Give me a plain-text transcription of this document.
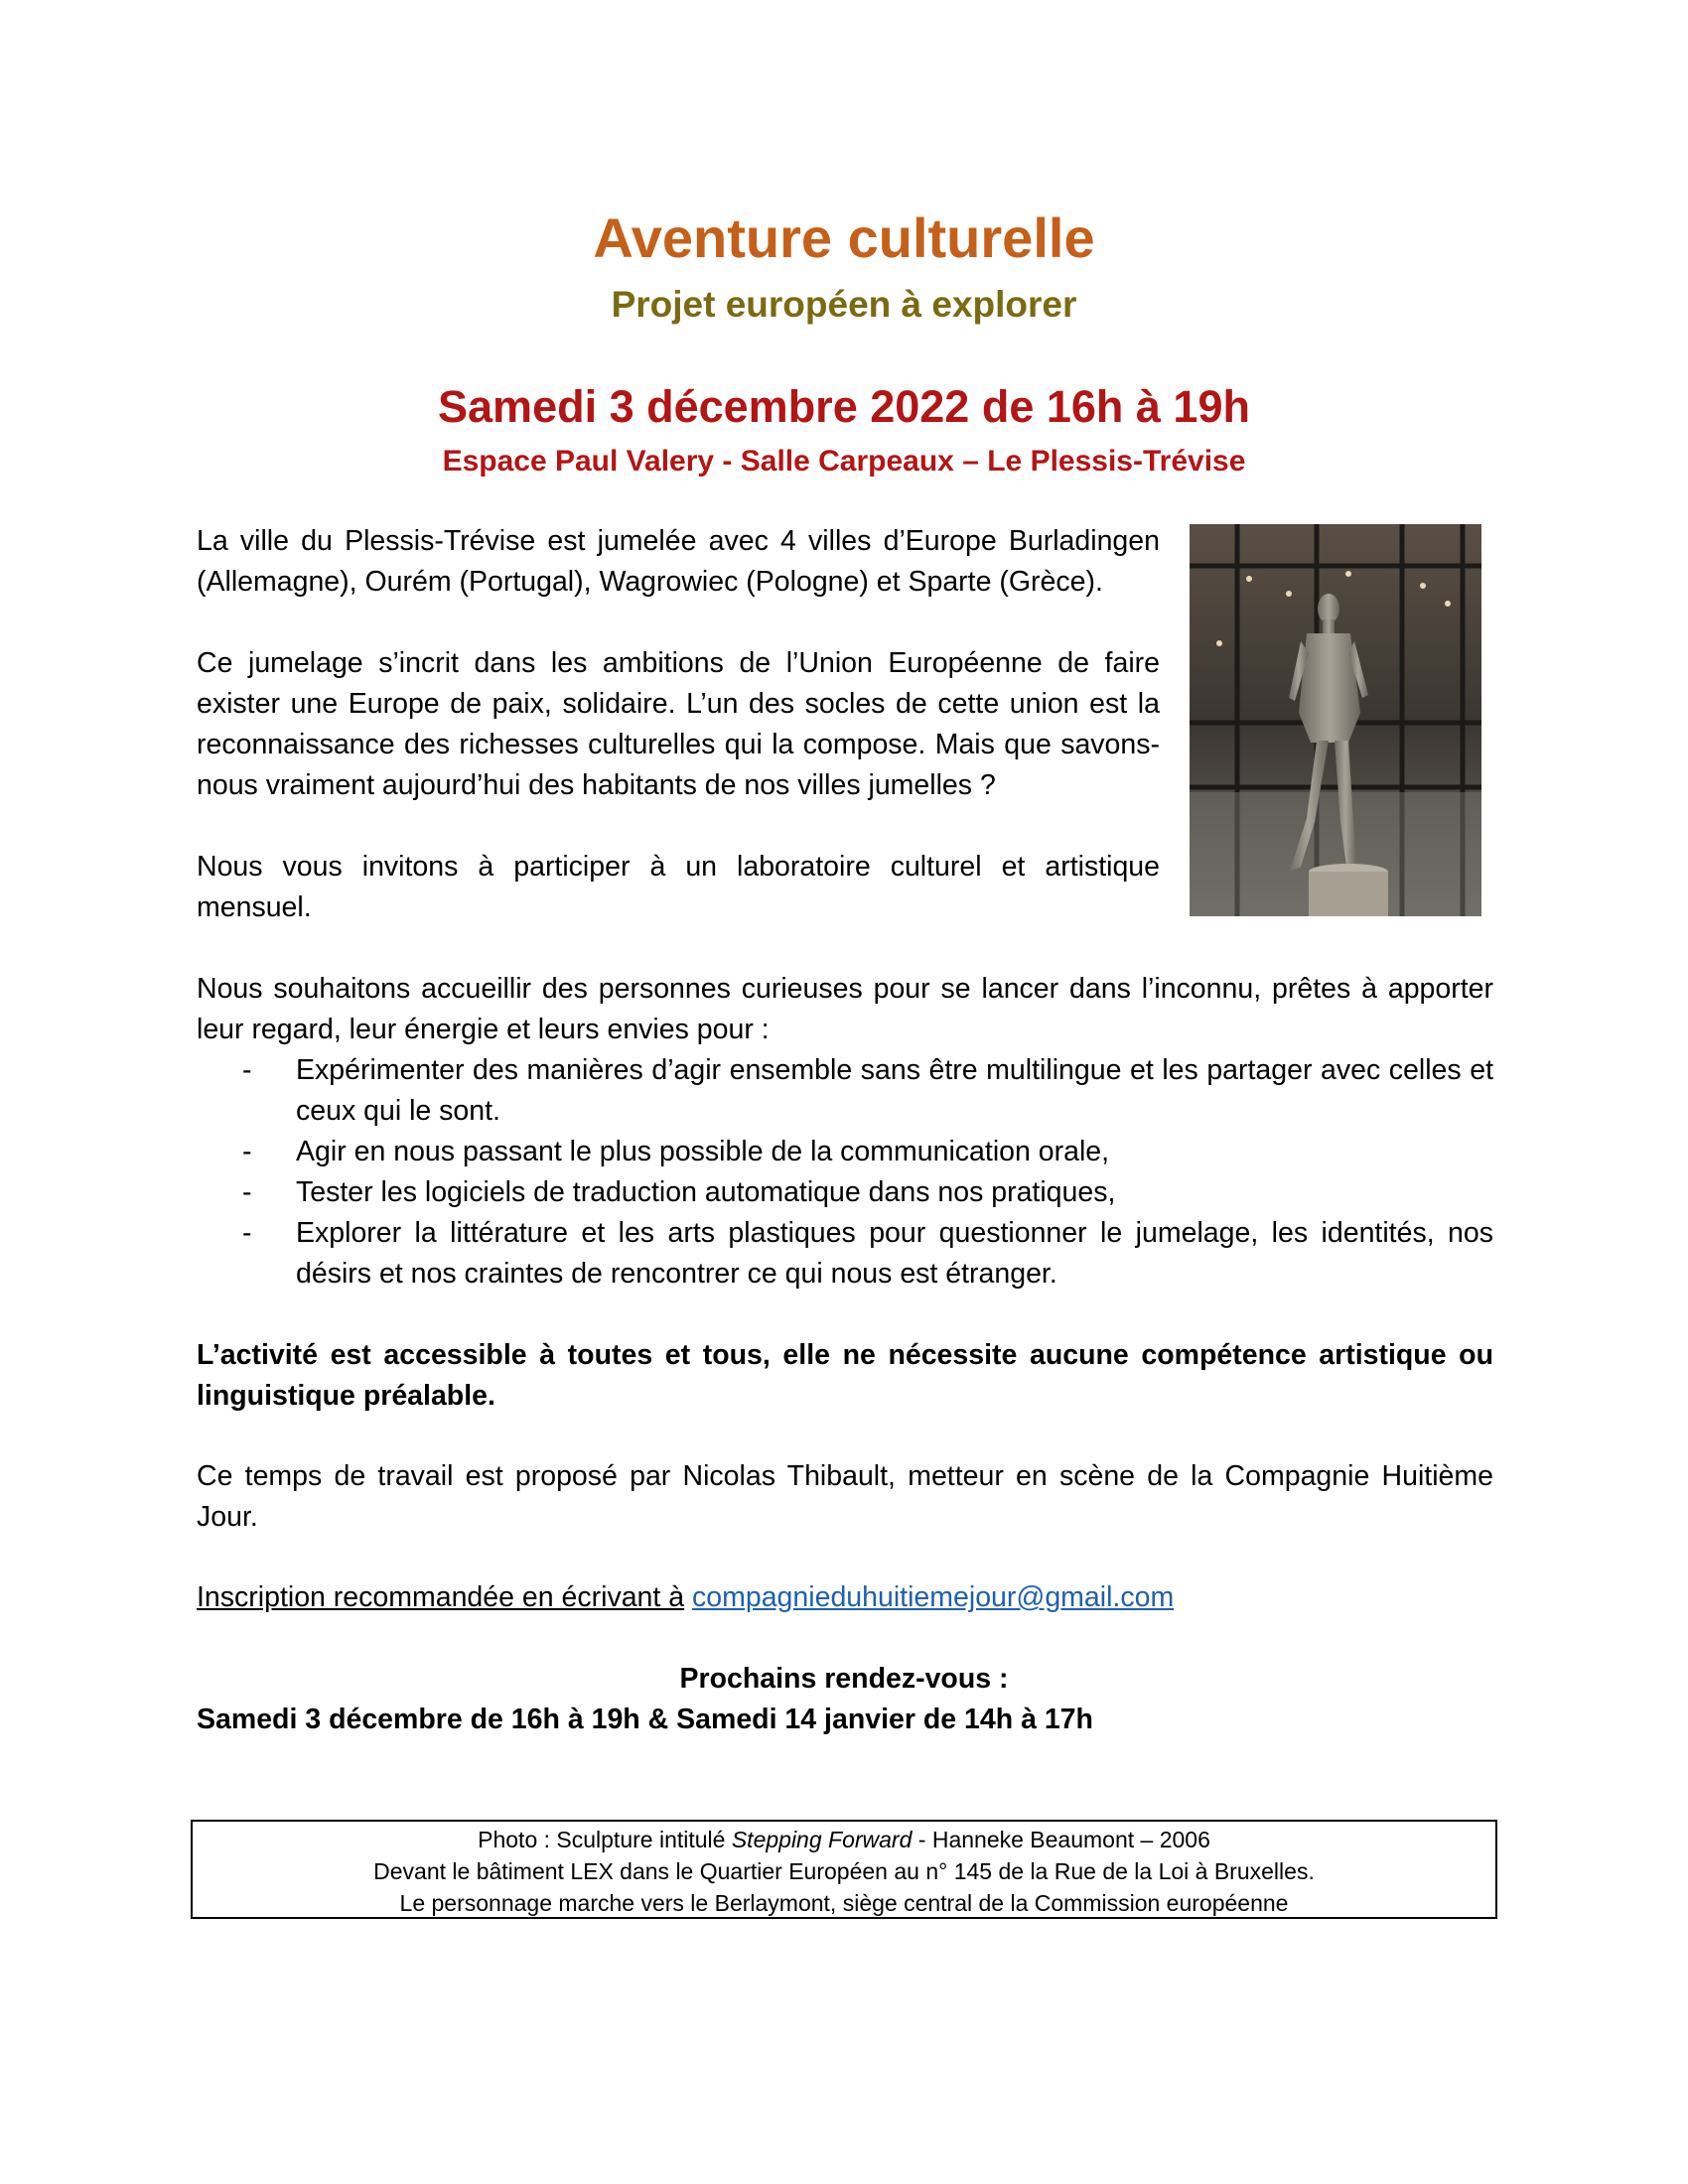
Aventure culturelle
Projet européen à explorer
Samedi 3 décembre 2022 de 16h à 19h
Espace Paul Valery - Salle Carpeaux – Le Plessis-Trévise
La ville du Plessis-Trévise est jumelée avec 4 villes d’Europe Burladingen (Allemagne), Ourém (Portugal), Wagrowiec (Pologne) et Sparte (Grèce).
Ce jumelage s’incrit dans les ambitions de l’Union Européenne de faire exister une Europe de paix, solidaire. L’un des socles de cette union est la reconnaissance des richesses culturelles qui la compose. Mais que savons-nous vraiment aujourd’hui des habitants de nos villes jumelles ?
Nous vous invitons à participer à un laboratoire culturel et artistique mensuel.
Nous souhaitons accueillir des personnes curieuses pour se lancer dans l’inconnu, prêtes à apporter leur regard, leur énergie et leurs envies pour :
- Expérimenter des manières d’agir ensemble sans être multilingue et les partager avec celles et ceux qui le sont.
- Agir en nous passant le plus possible de la communication orale,
- Tester les logiciels de traduction automatique dans nos pratiques,
- Explorer la littérature et les arts plastiques pour questionner le jumelage, les identités, nos désirs et nos craintes de rencontrer ce qui nous est étranger.
L’activité est accessible à toutes et tous, elle ne nécessite aucune compétence artistique ou linguistique préalable.
Ce temps de travail est proposé par Nicolas Thibault, metteur en scène de la Compagnie Huitième Jour.
Inscription recommandée en écrivant à compagnieduhuitiemejour@gmail.com
Prochains rendez-vous :
Samedi 3 décembre de 16h à 19h & Samedi 14 janvier de 14h à 17h
Photo : Sculpture intitulé Stepping Forward - Hanneke Beaumont – 2006
Devant le bâtiment LEX dans le Quartier Européen au n° 145 de la Rue de la Loi à Bruxelles.
Le personnage marche vers le Berlaymont, siège central de la Commission européenne
